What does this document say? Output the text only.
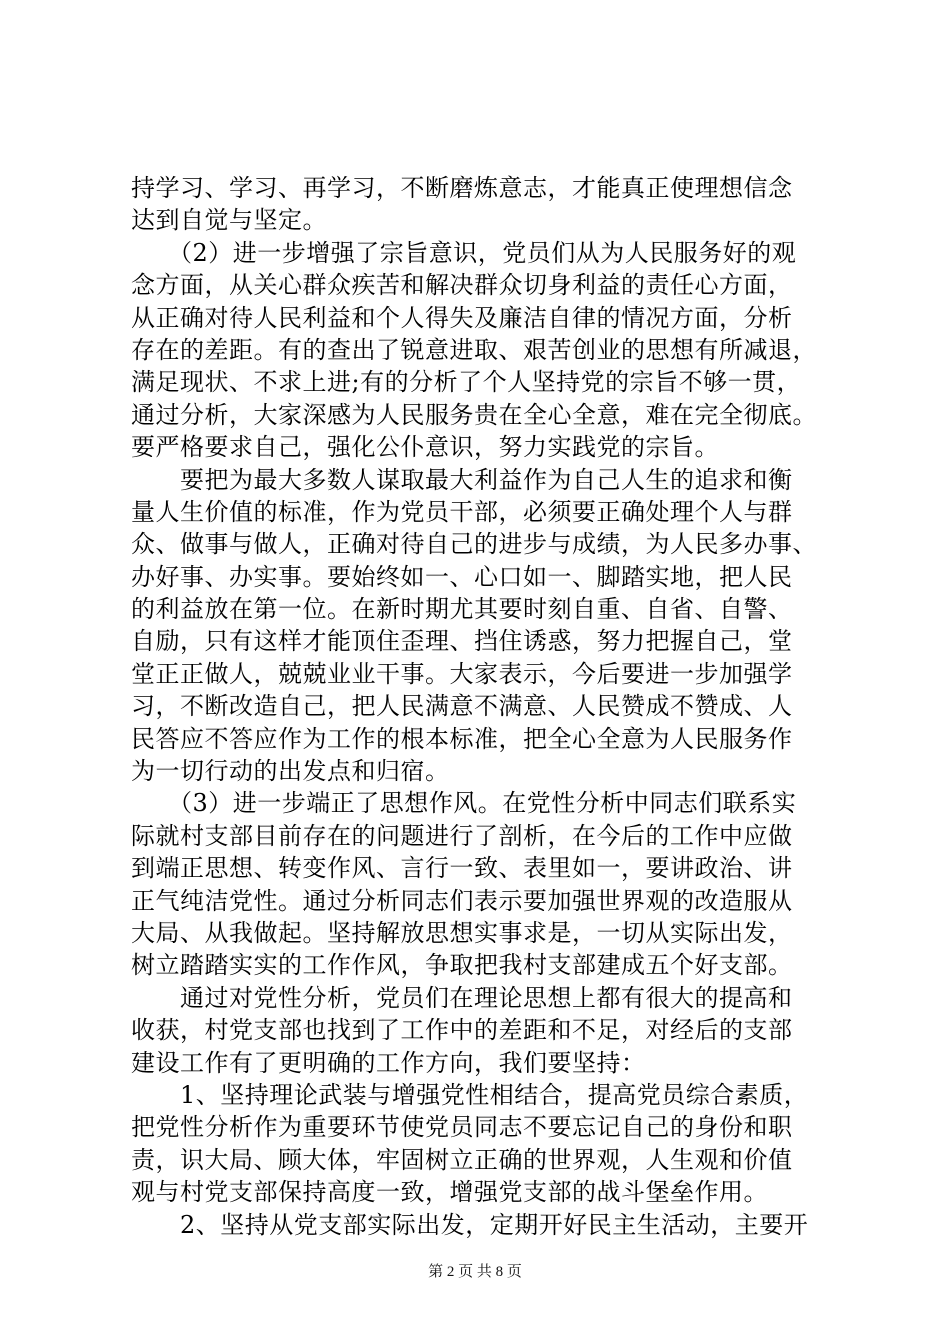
持学习、学习、再学习，不断磨炼意志，才能真正使理想信念
达到自觉与坚定。
　　（2）进一步增强了宗旨意识，党员们从为人民服务好的观
念方面，从关心群众疾苦和解决群众切身利益的责任心方面，
从正确对待人民利益和个人得失及廉洁自律的情况方面，分析
存在的差距。有的查出了锐意进取、艰苦创业的思想有所减退，
满足现状、不求上进;有的分析了个人坚持党的宗旨不够一贯，
通过分析，大家深感为人民服务贵在全心全意，难在完全彻底。
要严格要求自己，强化公仆意识，努力实践党的宗旨。
　　要把为最大多数人谋取最大利益作为自己人生的追求和衡
量人生价值的标准，作为党员干部，必须要正确处理个人与群
众、做事与做人，正确对待自己的进步与成绩，为人民多办事、
办好事、办实事。要始终如一、心口如一、脚踏实地，把人民
的利益放在第一位。在新时期尤其要时刻自重、自省、自警、
自励，只有这样才能顶住歪理、挡住诱惑，努力把握自己，堂
堂正正做人，兢兢业业干事。大家表示，今后要进一步加强学
习，不断改造自己，把人民满意不满意、人民赞成不赞成、人
民答应不答应作为工作的根本标准，把全心全意为人民服务作
为一切行动的出发点和归宿。
　　（3）进一步端正了思想作风。在党性分析中同志们联系实
际就村支部目前存在的问题进行了剖析，在今后的工作中应做
到端正思想、转变作风、言行一致、表里如一，要讲政治、讲
正气纯洁党性。通过分析同志们表示要加强世界观的改造服从
大局、从我做起。坚持解放思想实事求是，一切从实际出发，
树立踏踏实实的工作作风，争取把我村支部建成五个好支部。
　　通过对党性分析，党员们在理论思想上都有很大的提高和
收获，村党支部也找到了工作中的差距和不足，对经后的支部
建设工作有了更明确的工作方向，我们要坚持：
　　1、坚持理论武装与增强党性相结合，提高党员综合素质，
把党性分析作为重要环节使党员同志不要忘记自己的身份和职
责，识大局、顾大体，牢固树立正确的世界观，人生观和价值
观与村党支部保持高度一致，增强党支部的战斗堡垒作用。
　　2、坚持从党支部实际出发，定期开好民主生活动，主要开
第 2 页 共 8 页
